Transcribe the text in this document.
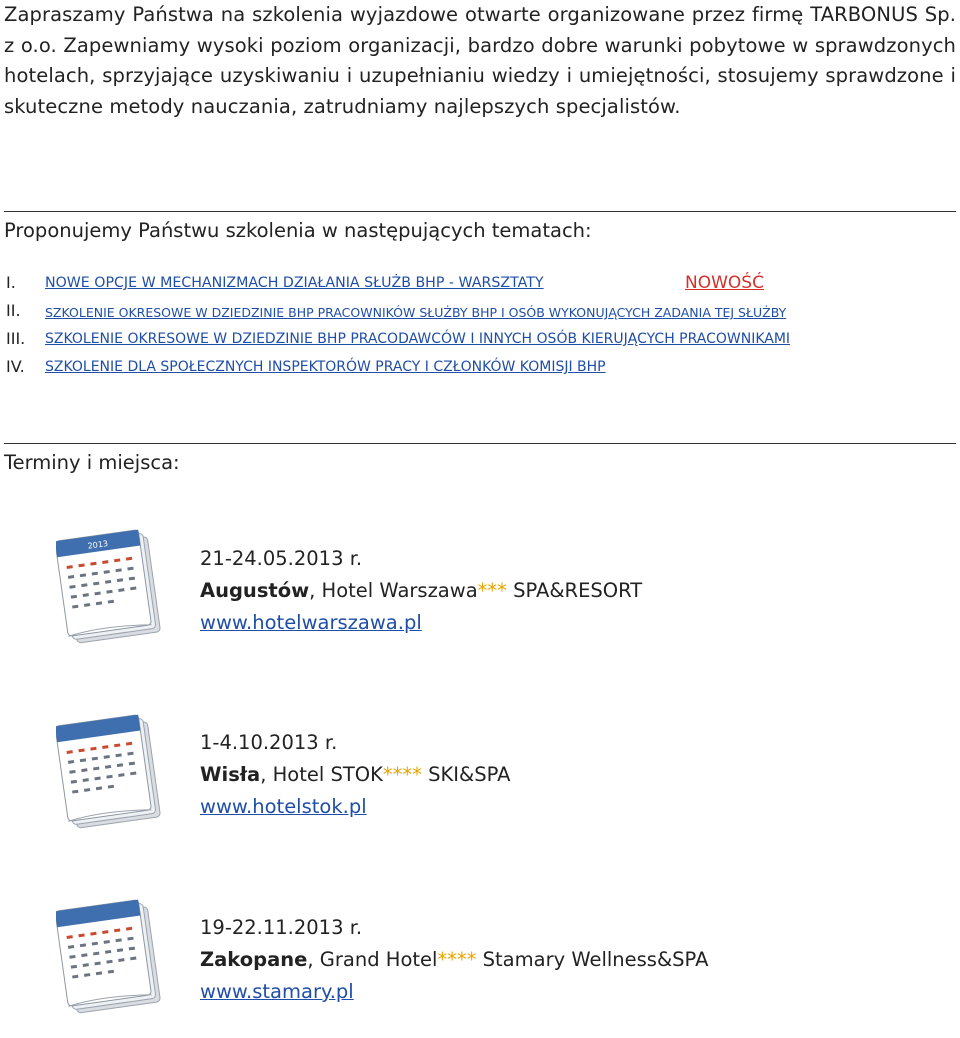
Zapraszamy Państwa na szkolenia wyjazdowe otwarte organizowane przez firmę TARBONUS Sp. z o.o. Zapewniamy wysoki poziom organizacji, bardzo dobre warunki pobytowe w sprawdzonych hotelach, sprzyjające uzyskiwaniu i uzupełnianiu wiedzy i umiejętności, stosujemy sprawdzone i skuteczne metody nauczania, zatrudniamy najlepszych specjalistów.

Proponujemy Państwu szkolenia w następujących tematach:

I. NOWE OPCJE W MECHANIZMACH DZIAŁANIA SŁUŻB BHP - WARSZTATY	NOWOŚĆ
II. SZKOLENIE OKRESOWE W DZIEDZINIE BHP PRACOWNIKÓW SŁUŻBY BHP I OSÓB WYKONUJĄCYCH ZADANIA TEJ SŁUŻBY
III. SZKOLENIE OKRESOWE W DZIEDZINIE BHP PRACODAWCÓW I INNYCH OSÓB KIERUJĄCYCH PRACOWNIKAMI
IV. SZKOLENIE DLA SPOŁECZNYCH INSPEKTORÓW PRACY I CZŁONKÓW KOMISJI BHP

Terminy i miejsca:

2013
21-24.05.2013 r.
Augustów, Hotel Warszawa*** SPA&RESORT
www.hotelwarszawa.pl
1-4.10.2013 r.
Wisła, Hotel STOK**** SKI&SPA
www.hotelstok.pl
19-22.11.2013 r.
Zakopane, Grand Hotel**** Stamary Wellness&SPA
www.stamary.pl
